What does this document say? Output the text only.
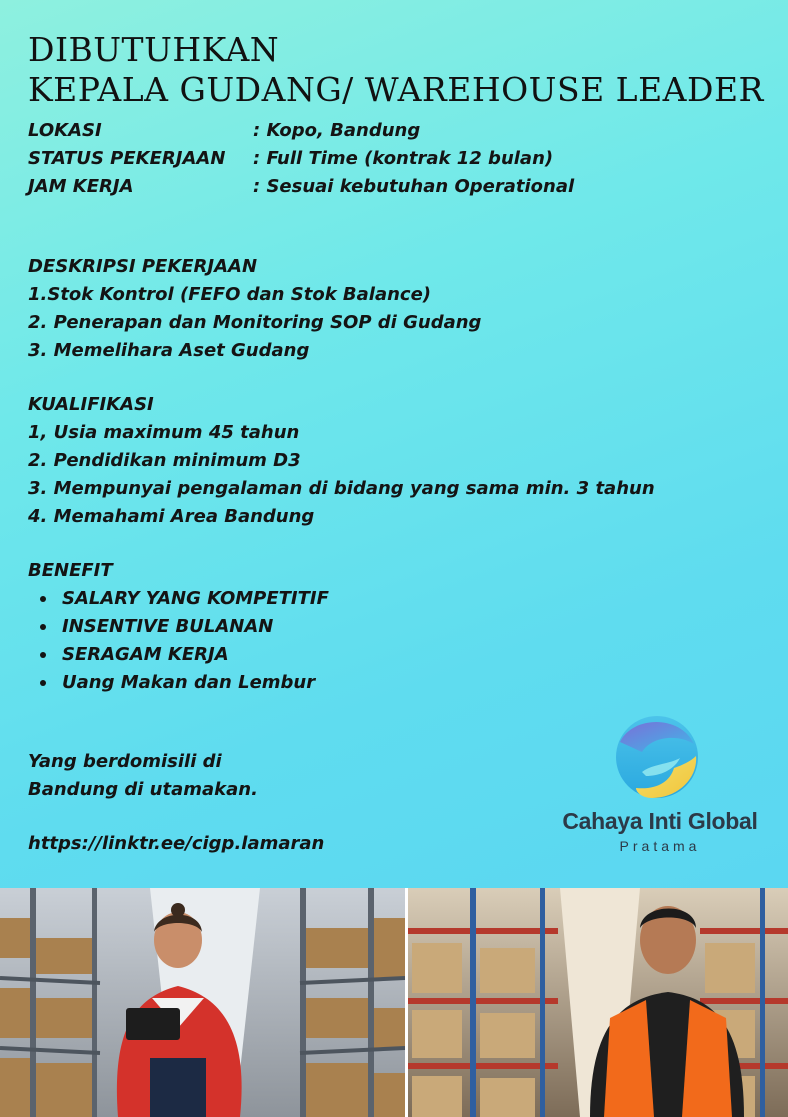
DIBUTUHKAN
KEPALA GUDANG/ WAREHOUSE LEADER
LOKASI	: Kopo, Bandung
STATUS PEKERJAAN	: Full Time (kontrak 12 bulan)
JAM KERJA	: Sesuai kebutuhan Operational
DESKRIPSI PEKERJAAN
1.Stok Kontrol (FEFO dan Stok Balance)
2. Penerapan dan Monitoring SOP di Gudang
3. Memelihara Aset Gudang
KUALIFIKASI
1, Usia maximum 45 tahun
2. Pendidikan minimum D3
3. Mempunyai pengalaman di bidang yang sama min. 3 tahun
4. Memahami Area Bandung
BENEFIT
SALARY YANG KOMPETITIF
INSENTIVE BULANAN
SERAGAM KERJA
Uang Makan dan Lembur
Yang berdomisili di
Bandung di utamakan.
https://linktr.ee/cigp.lamaran
Cahaya Inti Global
Pratama
